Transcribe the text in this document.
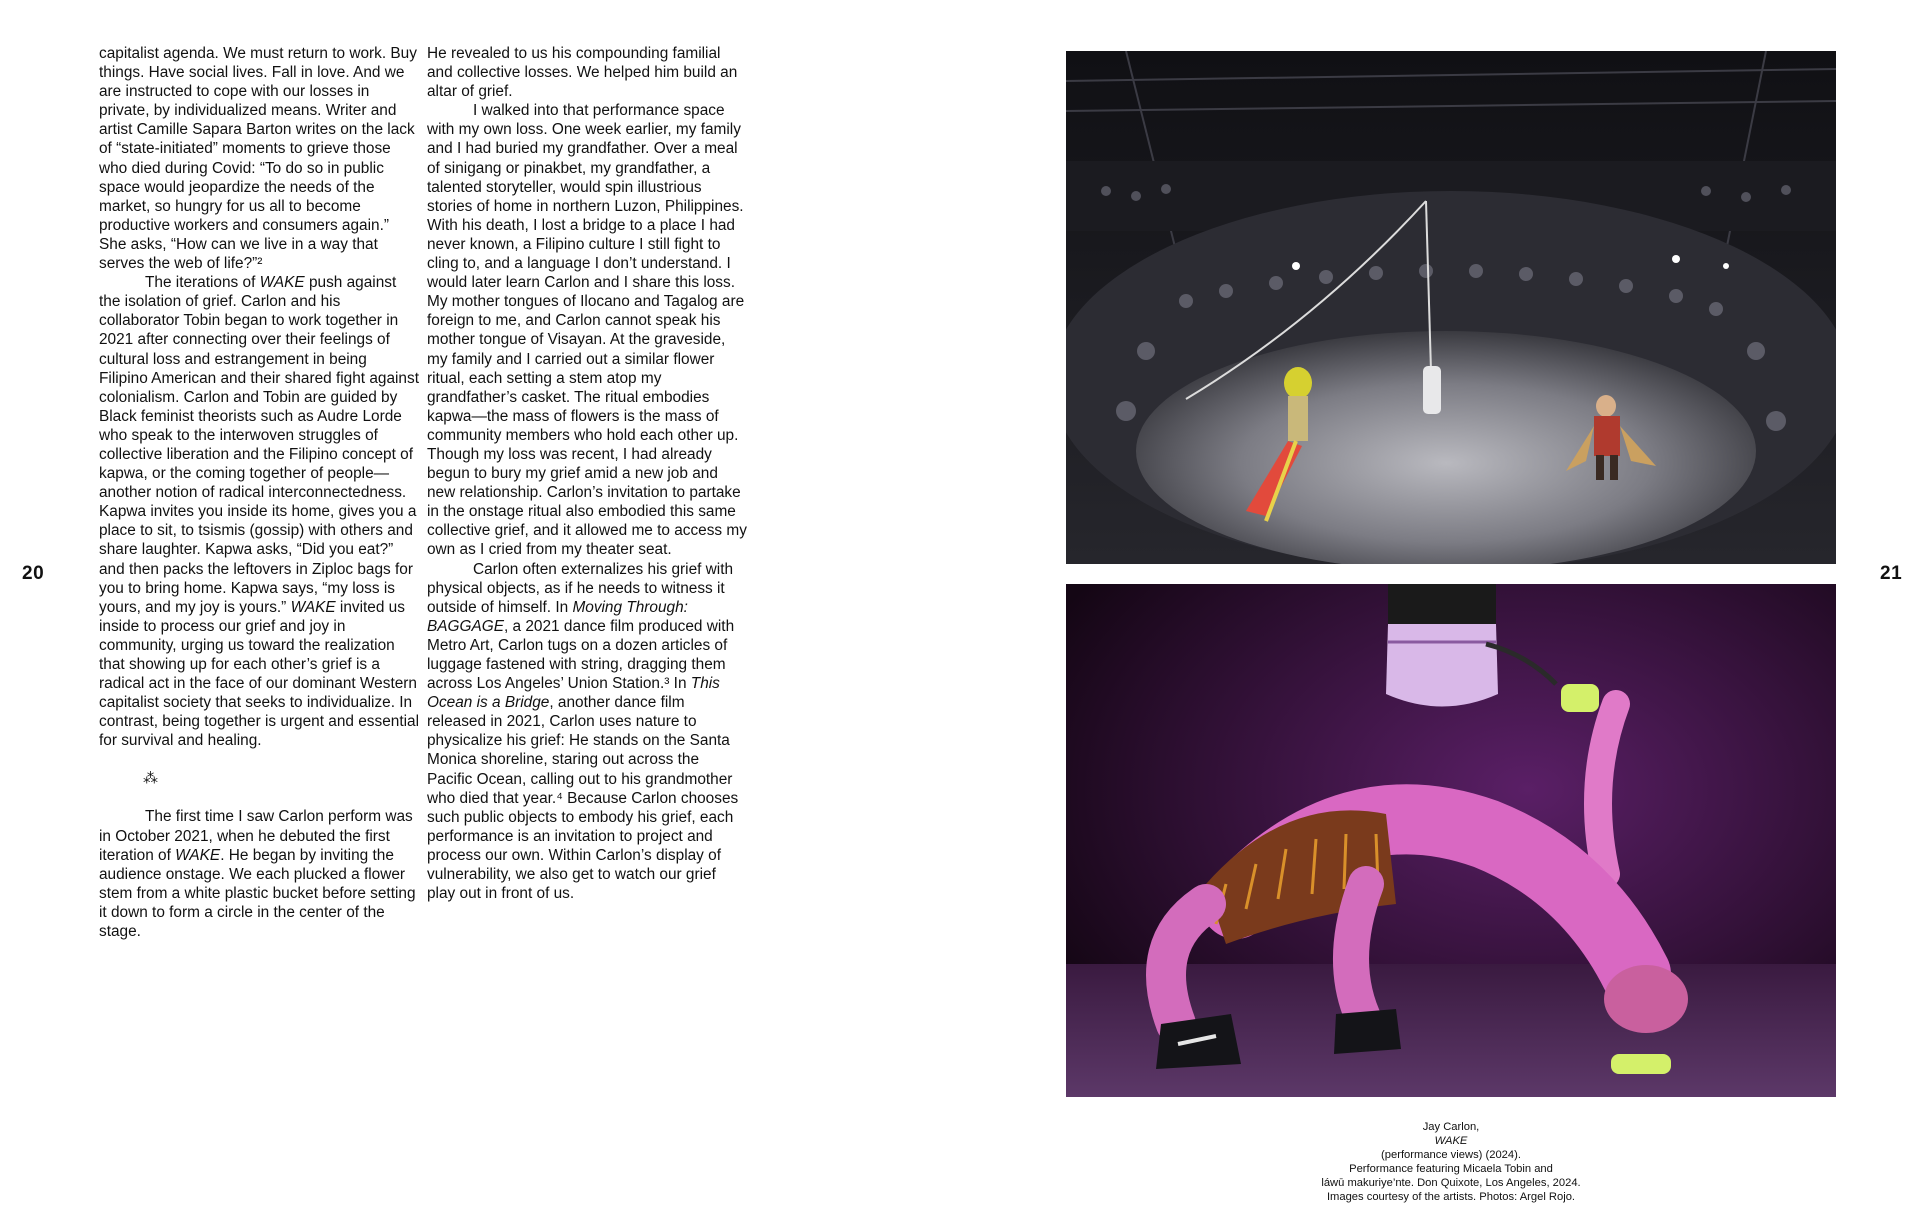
20	21

capitalist agenda. We must return to work. Buy things. Have social lives. Fall in love. And we are instructed to cope with our losses in private, by individualized means. Writer and artist Camille Sapara Barton writes on the lack of “state-initiated” moments to grieve those who died during Covid: “To do so in public space would jeopardize the needs of the market, so hungry for us all to become productive workers and consumers again.” She asks, “How can we live in a way that serves the web of life?”²

The iterations of WAKE push against the isolation of grief. Carlon and his collaborator Tobin began to work together in 2021 after connecting over their feelings of cultural loss and estrangement in being Filipino American and their shared fight against colonialism. Carlon and Tobin are guided by Black feminist theorists such as Audre Lorde who speak to the interwoven struggles of collective liberation and the Filipino concept of kapwa, or the coming together of people—another notion of radical interconnectedness. Kapwa invites you inside its home, gives you a place to sit, to tsismis (gossip) with others and share laughter. Kapwa asks, “Did you eat?” and then packs the leftovers in Ziploc bags for you to bring home. Kapwa says, “my loss is yours, and my joy is yours.” WAKE invited us inside to process our grief and joy in community, urging us toward the realization that showing up for each other’s grief is a radical act in the face of our dominant Western capitalist society that seeks to individualize. In contrast, being together is urgent and essential for survival and healing.

⁂

The first time I saw Carlon perform was in October 2021, when he debuted the first iteration of WAKE. He began by inviting the audience onstage. We each plucked a flower stem from a white plastic bucket before setting it down to form a circle in the center of the stage.

He revealed to us his compounding familial and collective losses. We helped him build an altar of grief.

I walked into that performance space with my own loss. One week earlier, my family and I had buried my grandfather. Over a meal of sinigang or pinakbet, my grandfather, a talented storyteller, would spin illustrious stories of home in northern Luzon, Philippines. With his death, I lost a bridge to a place I had never known, a Filipino culture I still fight to cling to, and a language I don’t understand. I would later learn Carlon and I share this loss. My mother tongues of Ilocano and Tagalog are foreign to me, and Carlon cannot speak his mother tongue of Visayan. At the graveside, my family and I carried out a similar flower ritual, each setting a stem atop my grandfather’s casket. The ritual embodies kapwa—the mass of flowers is the mass of community members who hold each other up. Though my loss was recent, I had already begun to bury my grief amid a new job and new relationship. Carlon’s invitation to partake in the onstage ritual also embodied this same collective grief, and it allowed me to access my own as I cried from my theater seat.

Carlon often externalizes his grief with physical objects, as if he needs to witness it outside of himself. In Moving Through: BAGGAGE, a 2021 dance film produced with Metro Art, Carlon tugs on a dozen articles of luggage fastened with string, dragging them across Los Angeles’ Union Station.³ In This Ocean is a Bridge, another dance film released in 2021, Carlon uses nature to physicalize his grief: He stands on the Santa Monica shoreline, staring out across the Pacific Ocean, calling out to his grandmother who died that year.⁴ Because Carlon chooses such public objects to embody his grief, each performance is an invitation to project and process our own. Within Carlon’s display of vulnerability, we also get to watch our grief play out in front of us.

Jay Carlon,
WAKE
(performance views) (2024).
Performance featuring Micaela Tobin and
láwū makuriye’nte. Don Quixote, Los Angeles, 2024.
Images courtesy of the artists. Photos: Argel Rojo.
